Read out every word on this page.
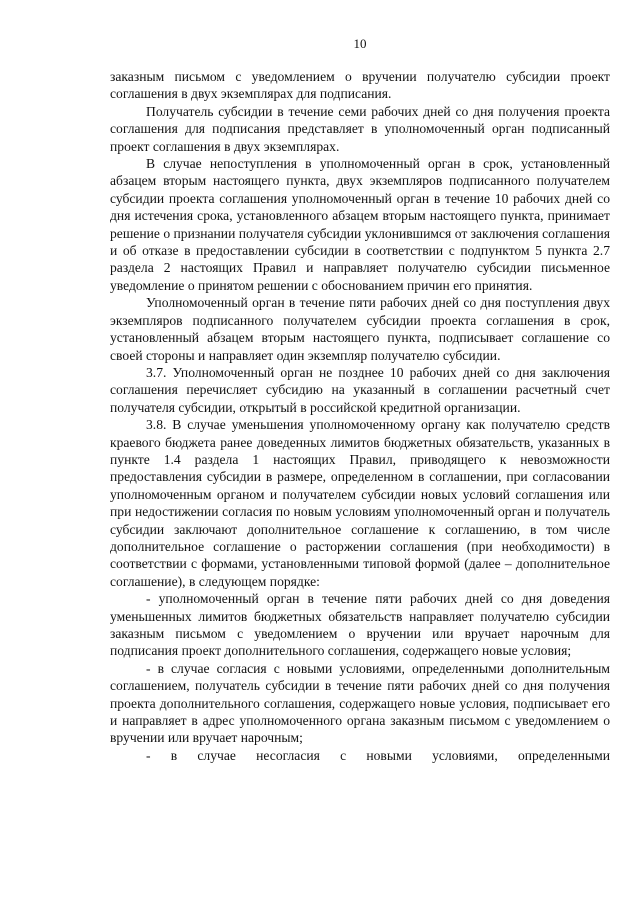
10

заказным письмом с уведомлением о вручении получателю субсидии проект соглашения в двух экземплярах для подписания.

Получатель субсидии в течение семи рабочих дней со дня получения проекта соглашения для подписания представляет в уполномоченный орган подписанный проект соглашения в двух экземплярах.

В случае непоступления в уполномоченный орган в срок, установленный абзацем вторым настоящего пункта, двух экземпляров подписанного получателем субсидии проекта соглашения уполномоченный орган в течение 10 рабочих дней со дня истечения срока, установленного абзацем вторым настоящего пункта, принимает решение о признании получателя субсидии уклонившимся от заключения соглашения и об отказе в предоставлении субсидии в соответствии с подпунктом 5 пункта 2.7 раздела 2 настоящих Правил и направляет получателю субсидии письменное уведомление о принятом решении с обоснованием причин его принятия.

Уполномоченный орган в течение пяти рабочих дней со дня поступления двух экземпляров подписанного получателем субсидии проекта соглашения в срок, установленный абзацем вторым настоящего пункта, подписывает соглашение со своей стороны и направляет один экземпляр получателю субсидии.

3.7. Уполномоченный орган не позднее 10 рабочих дней со дня заключения соглашения перечисляет субсидию на указанный в соглашении расчетный счет получателя субсидии, открытый в российской кредитной организации.

3.8. В случае уменьшения уполномоченному органу как получателю средств краевого бюджета ранее доведенных лимитов бюджетных обязательств, указанных в пункте 1.4 раздела 1 настоящих Правил, приводящего к невозможности предоставления субсидии в размере, определенном в соглашении, при согласовании уполномоченным органом и получателем субсидии новых условий соглашения или при недостижении согласия по новым условиям уполномоченный орган и получатель субсидии заключают дополнительное соглашение к соглашению, в том числе дополнительное соглашение о расторжении соглашения (при необходимости) в соответствии с формами, установленными типовой формой (далее – дополнительное соглашение), в следующем порядке:

- уполномоченный орган в течение пяти рабочих дней со дня доведения уменьшенных лимитов бюджетных обязательств направляет получателю субсидии заказным письмом с уведомлением о вручении или вручает нарочным для подписания проект дополнительного соглашения, содержащего новые условия;

- в случае согласия с новыми условиями, определенными дополнительным соглашением, получатель субсидии в течение пяти рабочих дней со дня получения проекта дополнительного соглашения, содержащего новые условия, подписывает его и направляет в адрес уполномоченного органа заказным письмом с уведомлением о вручении или вручает нарочным;

- в случае несогласия с новыми условиями, определенными
